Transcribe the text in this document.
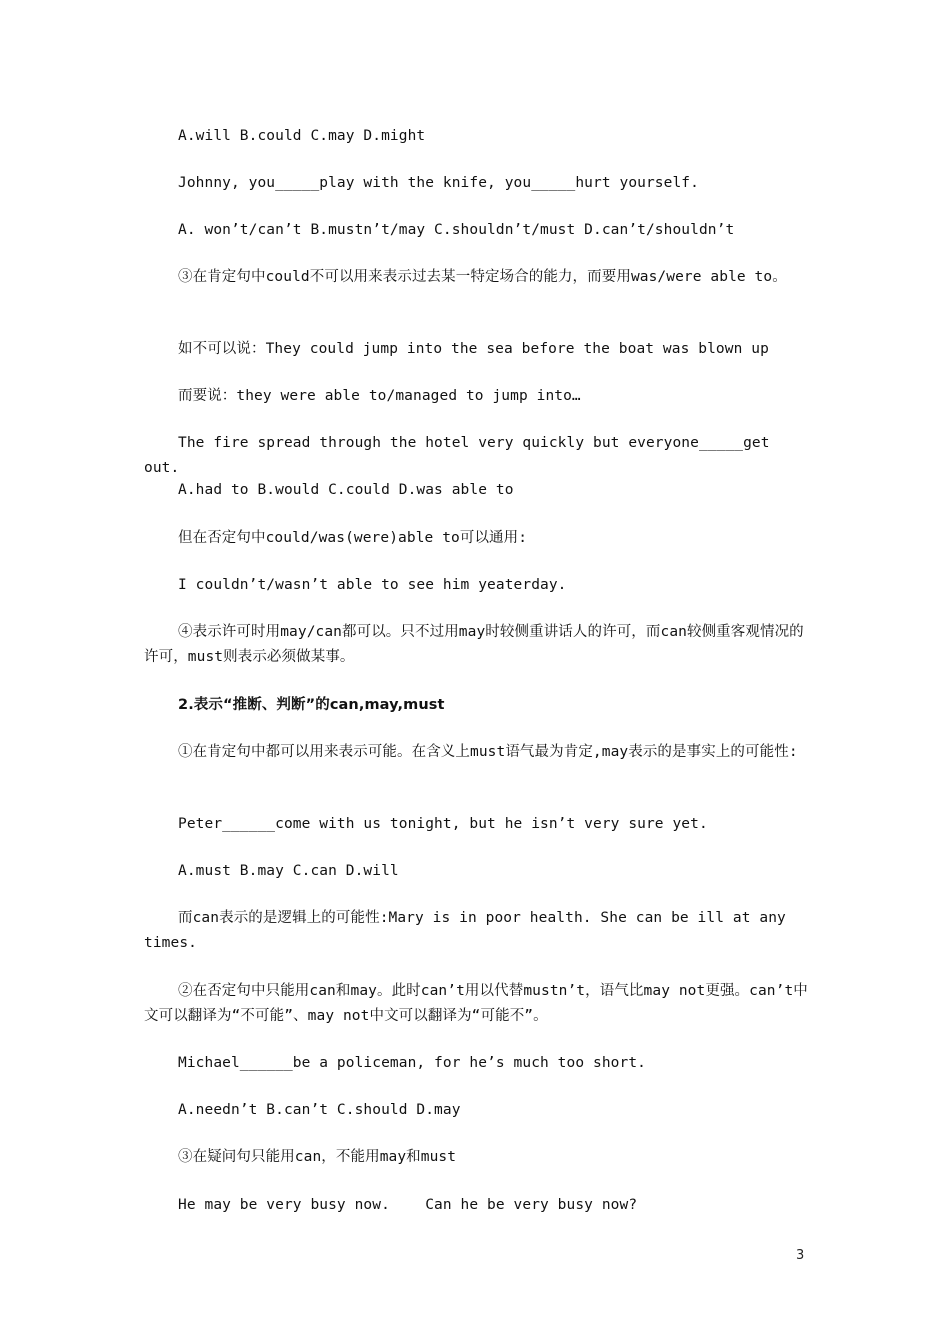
A.will B.could C.may D.might
Johnny, you_____play with the knife, you_____hurt yourself.
A. won’t/can’t B.mustn’t/may C.shouldn’t/must D.can’t/shouldn’t
③在肯定句中could不可以用来表示过去某一特定场合的能力，而要用was/were able to。
如不可以说：They could jump into the sea before the boat was blown up
而要说：they were able to/managed to jump into…
The fire spread through the hotel very quickly but everyone_____get out.
A.had to B.would C.could D.was able to
但在否定句中could/was(were)able to可以通用:
I couldn’t/wasn’t able to see him yeaterday.
④表示许可时用may/can都可以。只不过用may时较侧重讲话人的许可，而can较侧重客观情况的许可，must则表示必须做某事。
2.表示“推断、判断”的can,may,must
①在肯定句中都可以用来表示可能。在含义上must语气最为肯定,may表示的是事实上的可能性:
Peter______come with us tonight, but he isn’t very sure yet.
A.must B.may C.can D.will
而can表示的是逻辑上的可能性:Mary is in poor health. She can be ill at any times.
②在否定句中只能用can和may。此时can’t用以代替mustn’t，语气比may not更强。can’t中文可以翻译为“不可能”、may not中文可以翻译为“可能不”。
Michael______be a policeman, for he’s much too short.
A.needn’t B.can’t C.should D.may
③在疑问句只能用can，不能用may和must
He may be very busy now.    Can he be very busy now?
3
